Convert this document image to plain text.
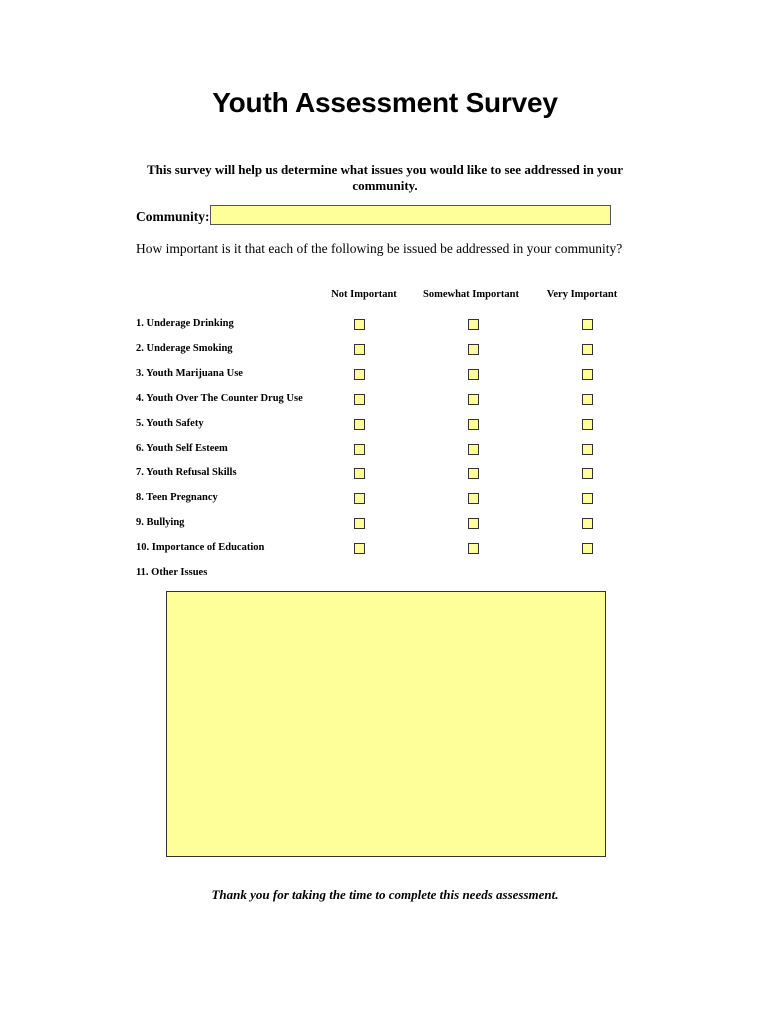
Youth Assessment Survey
This survey will help us determine what issues you would like to see addressed in your community.
Community:
How important is it that each of the following be issued be addressed in your community?
Not Important	Somewhat Important	Very Important
1. Underage Drinking
2. Underage Smoking
3. Youth Marijuana Use
4. Youth Over The Counter Drug Use
5. Youth Safety
6. Youth Self Esteem
7. Youth Refusal Skills
8. Teen Pregnancy
9. Bullying
10. Importance of Education
11. Other Issues
Thank you for taking the time to complete this needs assessment.
